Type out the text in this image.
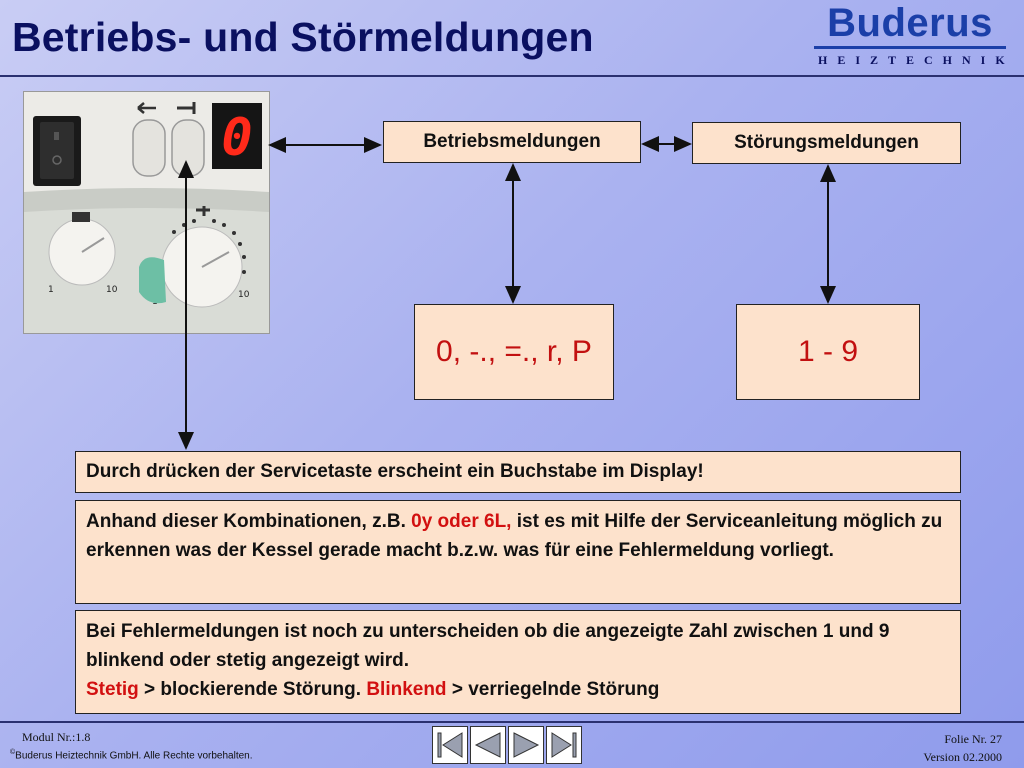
Betriebs- und Störmeldungen	Buderus
HEIZTECHNIK
0
1	10	10
Betriebsmeldungen	Störungsmeldungen
0, -., =., r, P	1 - 9
Durch drücken der Servicetaste erscheint ein Buchstabe im Display!
Anhand dieser Kombinationen, z.B. 0y oder 6L, ist es mit Hilfe der Serviceanleitung möglich zu erkennen was der Kessel gerade macht b.z.w. was für eine Fehlermeldung vorliegt.
Bei Fehlermeldungen ist noch zu unterscheiden ob die angezeigte Zahl zwischen 1 und 9 blinkend oder stetig angezeigt wird.
Stetig > blockierende Störung. Blinkend > verriegelnde Störung
Modul Nr.:1.8
©Buderus Heiztechnik GmbH. Alle Rechte vorbehalten.
Folie Nr. 27
Version 02.2000
